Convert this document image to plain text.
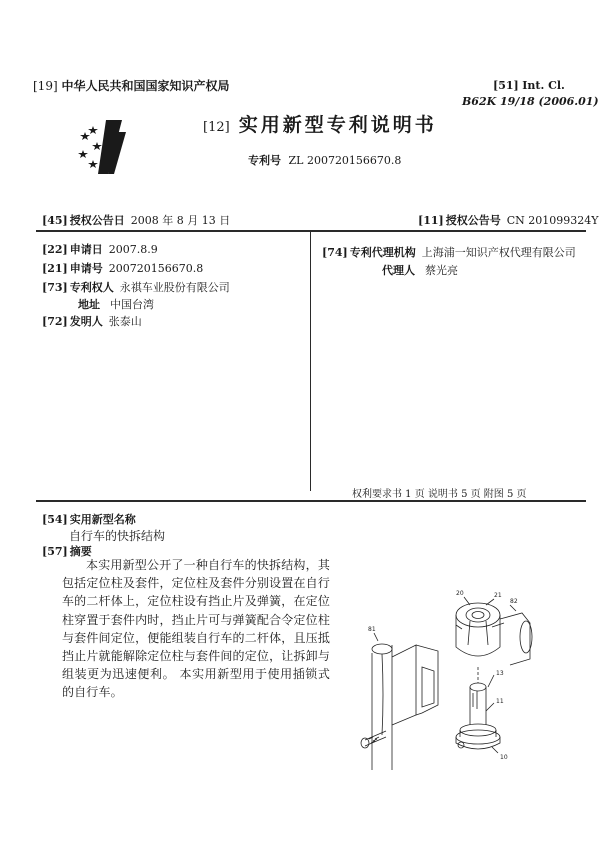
[19] 中华人民共和国国家知识产权局
[12] 实用新型专利说明书
专利号 ZL 200720156670.8
[51] Int. Cl.
B62K 19/18 (2006.01)
[45] 授权公告日 2008 年 8 月 13 日	[11] 授权公告号 CN 201099324Y
[22] 申请日 2007.8.9
[21] 申请号 200720156670.8
[73] 专利权人 永祺车业股份有限公司
地址 中国台湾
[72] 发明人 张泰山
[74] 专利代理机构 上海浦一知识产权代理有限公司
代理人 蔡光亮
权利要求书 1 页 说明书 5 页 附图 5 页
[54] 实用新型名称
自行车的快拆结构
[57] 摘要
本实用新型公开了一种自行车的快拆结构，其包括定位柱及套件，定位柱及套件分别设置在自行车的二杆体上，定位柱设有挡止片及弹簧，在定位柱穿置于套件内时，挡止片可与弹簧配合令定位柱与套件间定位，便能组装自行车的二杆体，且压抵挡止片就能解除定位柱与套件间的定位，让拆卸与组装更为迅速便利。 本实用新型用于使用插锁式的自行车。
20	21
82
81
13
11
10
